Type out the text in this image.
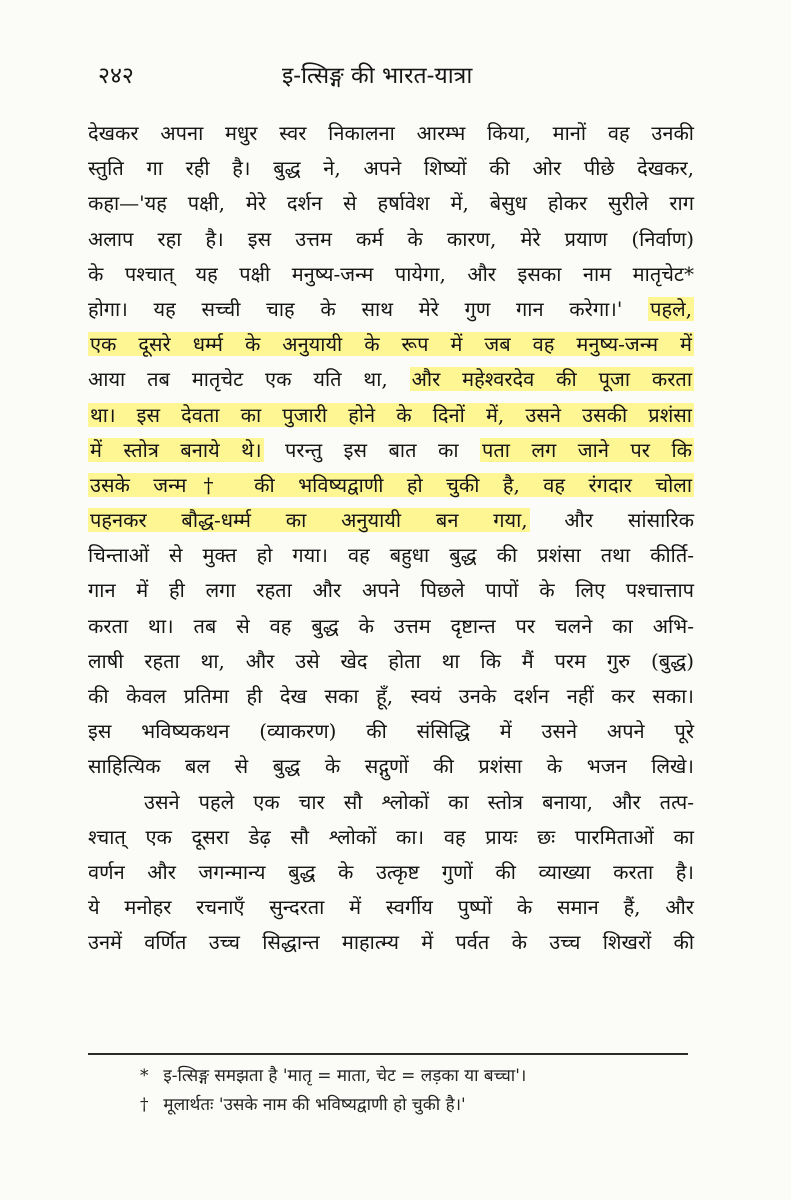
२४२	इ-त्सिङ्ग की भारत-यात्रा
देखकर अपना मधुर स्वर निकालना आरम्भ किया, मानों वह उनकी
स्तुति गा रही है। बुद्ध ने, अपने शिष्यों की ओर पीछे देखकर,
कहा—'यह पक्षी, मेरे दर्शन से हर्षावेश में, बेसुध होकर सुरीले राग
अलाप रहा है। इस उत्तम कर्म के कारण, मेरे प्रयाण (निर्वाण)
के पश्चात् यह पक्षी मनुष्य-जन्म पायेगा, और इसका नाम मातृचेट*
होगा। यह सच्ची चाह के साथ मेरे गुण गान करेगा।' पहले,
एक दूसरे धर्म्म के अनुयायी के रूप में जब वह मनुष्य-जन्म में
आया तब मातृचेट एक यति था, और महेश्वरदेव की पूजा करता
था। इस देवता का पुजारी होने के दिनों में, उसने उसकी प्रशंसा
में स्तोत्र बनाये थे। परन्तु इस बात का पता लग जाने पर कि
उसके जन्म† की भविष्यद्वाणी हो चुकी है, वह रंगदार चोला
पहनकर बौद्ध-धर्म्म का अनुयायी बन गया, और सांसारिक
चिन्ताओं से मुक्त हो गया। वह बहुधा बुद्ध की प्रशंसा तथा कीर्ति-
गान में ही लगा रहता और अपने पिछले पापों के लिए पश्चात्ताप
करता था। तब से वह बुद्ध के उत्तम दृष्टान्त पर चलने का अभि-
लाषी रहता था, और उसे खेद होता था कि मैं परम गुरु (बुद्ध)
की केवल प्रतिमा ही देख सका हूँ, स्वयं उनके दर्शन नहीं कर सका।
इस भविष्यकथन (व्याकरण) की संसिद्धि में उसने अपने पूरे
साहित्यिक बल से बुद्ध के सद्गुणों की प्रशंसा के भजन लिखे।
उसने पहले एक चार सौ श्लोकों का स्तोत्र बनाया, और तत्प-
श्चात् एक दूसरा डेढ़ सौ श्लोकों का। वह प्रायः छः पारमिताओं का
वर्णन और जगन्मान्य बुद्ध के उत्कृष्ट गुणों की व्याख्या करता है।
ये मनोहर रचनाएँ सुन्दरता में स्वर्गीय पुष्पों के समान हैं, और
उनमें वर्णित उच्च सिद्धान्त माहात्म्य में पर्वत के उच्च शिखरों की
* इ-त्सिङ्ग समझता है 'मातृ = माता, चेट = लड़का या बच्चा'।
† मूलार्थतः 'उसके नाम की भविष्यद्वाणी हो चुकी है।'
